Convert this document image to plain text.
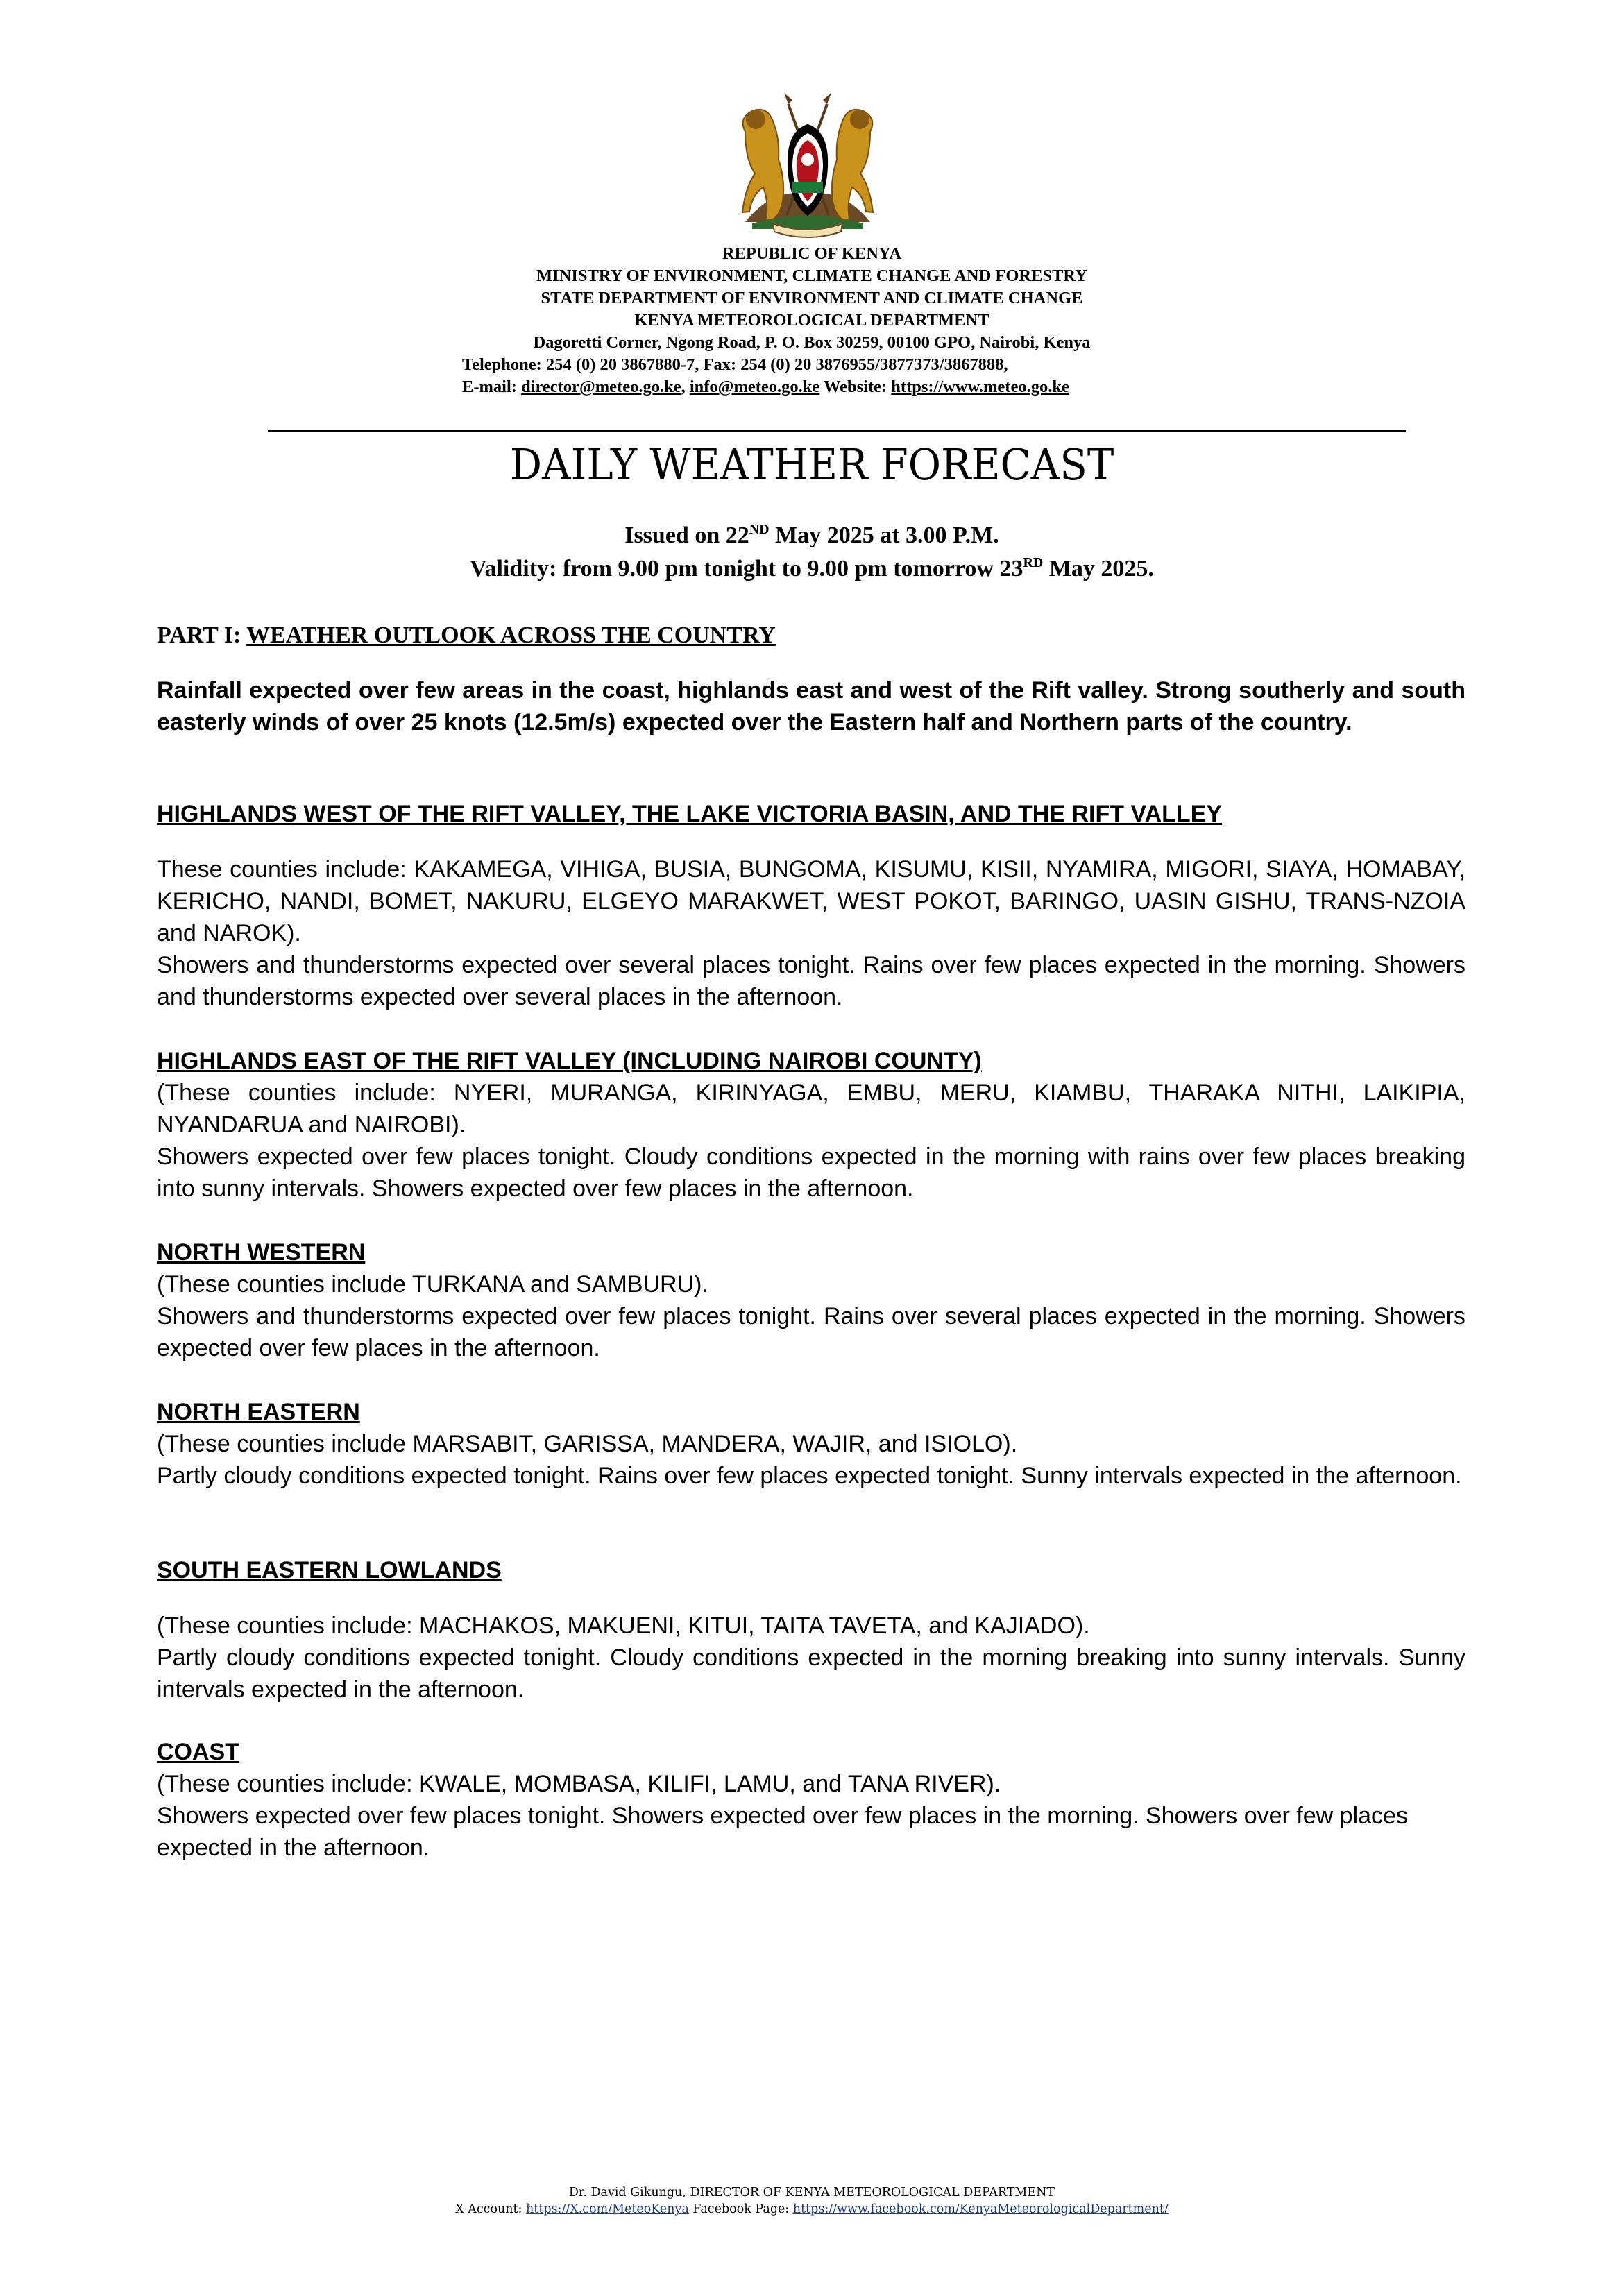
REPUBLIC OF KENYA
MINISTRY OF ENVIRONMENT, CLIMATE CHANGE AND FORESTRY
STATE DEPARTMENT OF ENVIRONMENT AND CLIMATE CHANGE
KENYA METEOROLOGICAL DEPARTMENT
Dagoretti Corner, Ngong Road, P. O. Box 30259, 00100 GPO, Nairobi, Kenya
Telephone: 254 (0) 20 3867880-7, Fax: 254 (0) 20 3876955/3877373/3867888,
E-mail: director@meteo.go.ke, info@meteo.go.ke Website: https://www.meteo.go.ke
DAILY WEATHER FORECAST
Issued on 22ND May 2025 at 3.00 P.M.
Validity: from 9.00 pm tonight to 9.00 pm tomorrow 23RD May 2025.
PART I: WEATHER OUTLOOK ACROSS THE COUNTRY
Rainfall expected over few areas in the coast, highlands east and west of the Rift valley. Strong southerly and south easterly winds of over 25 knots (12.5m/s) expected over the Eastern half and Northern parts of the country.
HIGHLANDS WEST OF THE RIFT VALLEY, THE LAKE VICTORIA BASIN, AND THE RIFT VALLEY

These counties include: KAKAMEGA, VIHIGA, BUSIA, BUNGOMA, KISUMU, KISII, NYAMIRA, MIGORI, SIAYA, HOMABAY, KERICHO, NANDI, BOMET, NAKURU, ELGEYO MARAKWET, WEST POKOT, BARINGO, UASIN GISHU, TRANS-NZOIA and NAROK).

Showers and thunderstorms expected over several places tonight. Rains over few places expected in the morning. Showers and thunderstorms expected over several places in the afternoon.

HIGHLANDS EAST OF THE RIFT VALLEY (INCLUDING NAIROBI COUNTY)

(These counties include: NYERI, MURANGA, KIRINYAGA, EMBU, MERU, KIAMBU, THARAKA NITHI, LAIKIPIA, NYANDARUA and NAIROBI).

Showers expected over few places tonight. Cloudy conditions expected in the morning with rains over few places breaking into sunny intervals. Showers expected over few places in the afternoon.

NORTH WESTERN

(These counties include TURKANA and SAMBURU).

Showers and thunderstorms expected over few places tonight. Rains over several places expected in the morning. Showers expected over few places in the afternoon.

NORTH EASTERN

(These counties include MARSABIT, GARISSA, MANDERA, WAJIR, and ISIOLO).

Partly cloudy conditions expected tonight. Rains over few places expected tonight. Sunny intervals expected in the afternoon.

SOUTH EASTERN LOWLANDS

(These counties include: MACHAKOS, MAKUENI, KITUI, TAITA TAVETA, and KAJIADO).

Partly cloudy conditions expected tonight. Cloudy conditions expected in the morning breaking into sunny intervals. Sunny intervals expected in the afternoon.

COAST

(These counties include: KWALE, MOMBASA, KILIFI, LAMU, and TANA RIVER).

Showers expected over few places tonight. Showers expected over few places in the morning. Showers over few places expected in the afternoon.

Dr. David Gikungu, DIRECTOR OF KENYA METEOROLOGICAL DEPARTMENT
X Account: https://X.com/MeteoKenya Facebook Page: https://www.facebook.com/KenyaMeteorologicalDepartment/
